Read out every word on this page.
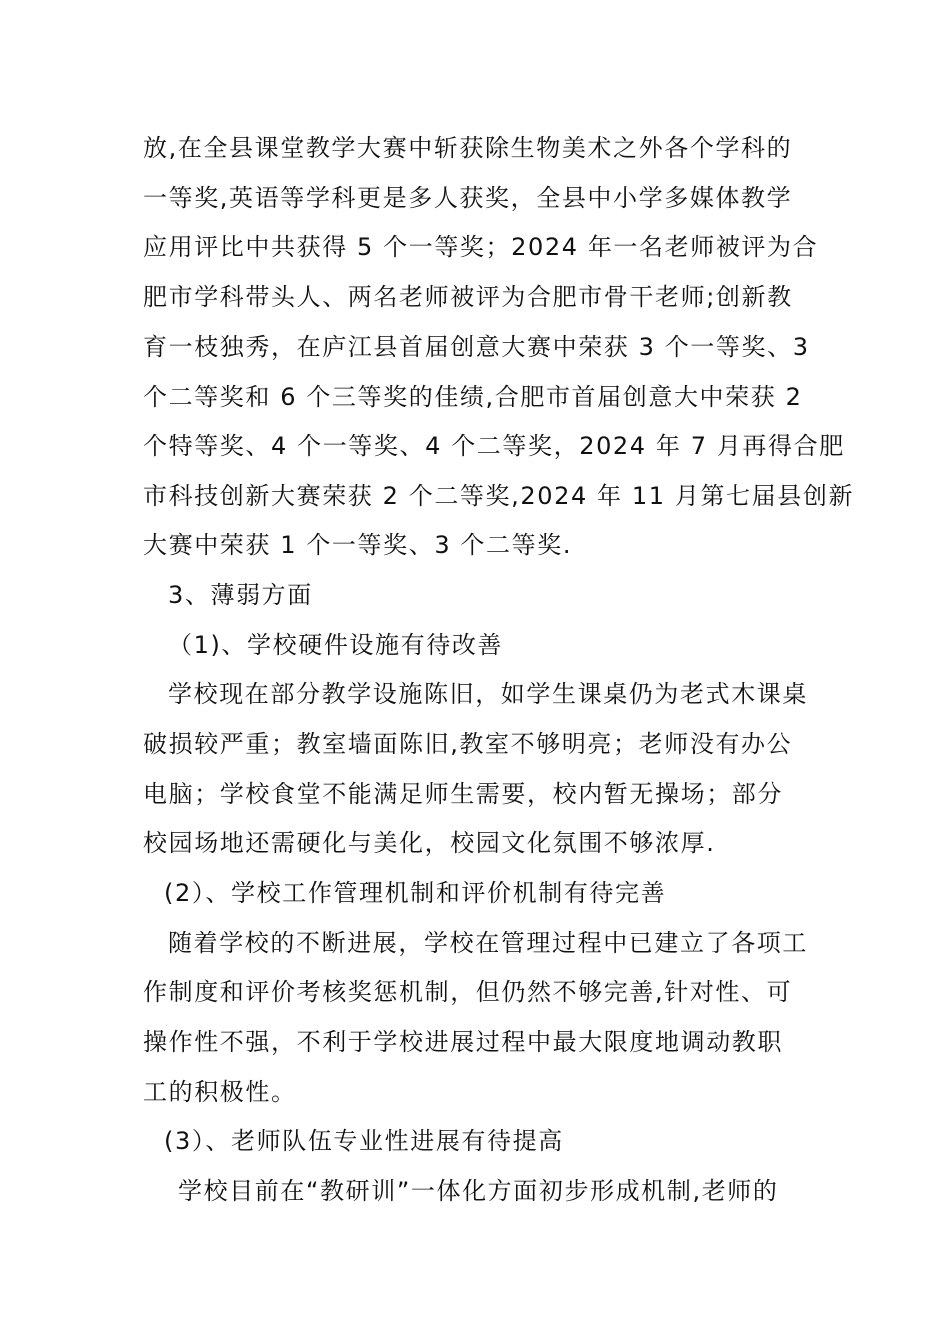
放,在全县课堂教学大赛中斩获除生物美术之外各个学科的
一等奖,英语等学科更是多人获奖，全县中小学多媒体教学
应用评比中共获得 5 个一等奖；2024 年一名老师被评为合
肥市学科带头人、两名老师被评为合肥市骨干老师;创新教
育一枝独秀，在庐江县首届创意大赛中荣获 3 个一等奖、3
个二等奖和 6 个三等奖的佳绩,合肥市首届创意大中荣获 2
个特等奖、4 个一等奖、4 个二等奖，2024 年 7 月再得合肥
市科技创新大赛荣获 2 个二等奖,2024 年 11 月第七届县创新
大赛中荣获 1 个一等奖、3 个二等奖.
3、薄弱方面
（1)、学校硬件设施有待改善
学校现在部分教学设施陈旧，如学生课桌仍为老式木课桌
破损较严重；教室墙面陈旧,教室不够明亮；老师没有办公
电脑；学校食堂不能满足师生需要，校内暂无操场；部分
校园场地还需硬化与美化，校园文化氛围不够浓厚.
(2）、学校工作管理机制和评价机制有待完善
随着学校的不断进展，学校在管理过程中已建立了各项工
作制度和评价考核奖惩机制，但仍然不够完善,针对性、可
操作性不强，不利于学校进展过程中最大限度地调动教职
工的积极性。
(3）、老师队伍专业性进展有待提高
学校目前在“教研训”一体化方面初步形成机制,老师的
